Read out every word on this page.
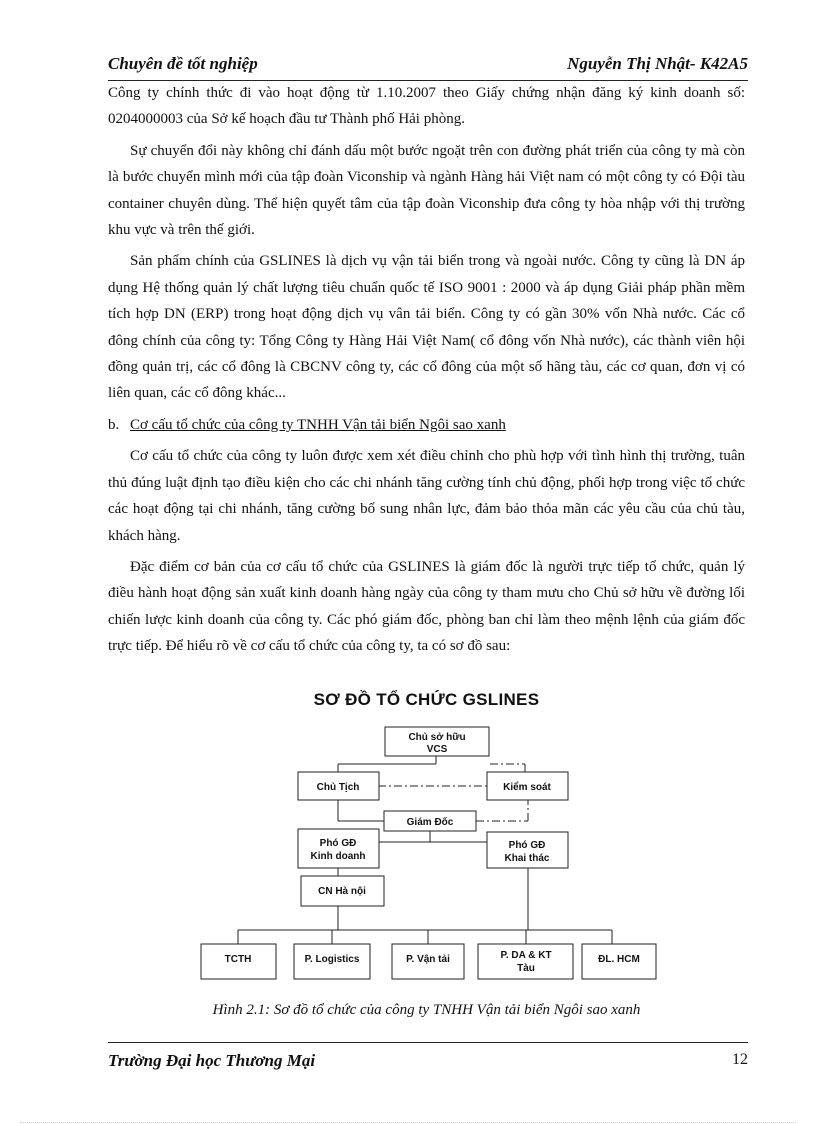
Chuyên đề tốt nghiệp	Nguyễn Thị Nhật- K42A5

Công ty chính thức đi vào hoạt động từ 1.10.2007 theo Giấy chứng nhận đăng ký kinh doanh số: 0204000003 của Sở kế hoạch đầu tư Thành phố Hải phòng.

Sự chuyển đổi này không chỉ đánh dấu một bước ngoặt trên con đường phát triển của công ty mà còn là bước chuyển mình mới của tập đoàn Viconship và ngành Hàng hải Việt nam có một công ty có Đội tàu container chuyên dùng. Thể hiện quyết tâm của tập đoàn Viconship đưa công ty hòa nhập với thị trường khu vực và trên thế giới.

Sản phẩm chính của GSLINES là dịch vụ vận tải biển trong và ngoài nước. Công ty cũng là DN áp dụng Hệ thống quản lý chất lượng tiêu chuẩn quốc tế ISO 9001 : 2000 và áp dụng Giải pháp phần mềm tích hợp DN (ERP) trong hoạt động dịch vụ vân tải biển. Công ty có gần 30% vốn Nhà nước. Các cổ đông chính của công ty: Tổng Công ty Hàng Hải Việt Nam( cổ đông vốn Nhà nước), các thành viên hội đồng quản trị, các cổ đông là CBCNV công ty, các cổ đông của một số hãng tàu, các cơ quan, đơn vị có liên quan, các cổ đông khác...

b. Cơ cấu tổ chức của công ty TNHH Vận tải biển Ngôi sao xanh

Cơ cấu tổ chức của công ty luôn được xem xét điều chỉnh cho phù hợp với tình hình thị trường, tuân thủ đúng luật định tạo điều kiện cho các chi nhánh tăng cường tính chủ động, phối hợp trong việc tổ chức các hoạt động tại chi nhánh, tăng cường bổ sung nhân lực, đảm bảo thỏa mãn các yêu cầu của chủ tàu, khách hàng.

Đặc điểm cơ bản của cơ cấu tổ chức của GSLINES là giám đốc là người trực tiếp tổ chức, quản lý điều hành hoạt động sản xuất kinh doanh hàng ngày của công ty tham mưu cho Chủ sở hữu về đường lối chiến lược kinh doanh của công ty. Các phó giám đốc, phòng ban chỉ làm theo mệnh lệnh của giám đốc trực tiếp. Để hiểu rõ về cơ cấu tổ chức của công ty, ta có sơ đồ sau:

SƠ ĐỒ TỔ CHỨC GSLINES
Chủ sở hữu
VCS
Chủ Tịch	Kiểm soát
Giám Đốc
Phó GĐ
Kinh doanh
Phó GĐ
Khai thác
CN Hà nội
TCTH	P. Logistics	P. Vận tải	P. DA & KT
Tàu
ĐL. HCM
Hình 2.1: Sơ đồ tổ chức của công ty TNHH Vận tải biển Ngôi sao xanh
Trường Đại học Thương Mại	12
